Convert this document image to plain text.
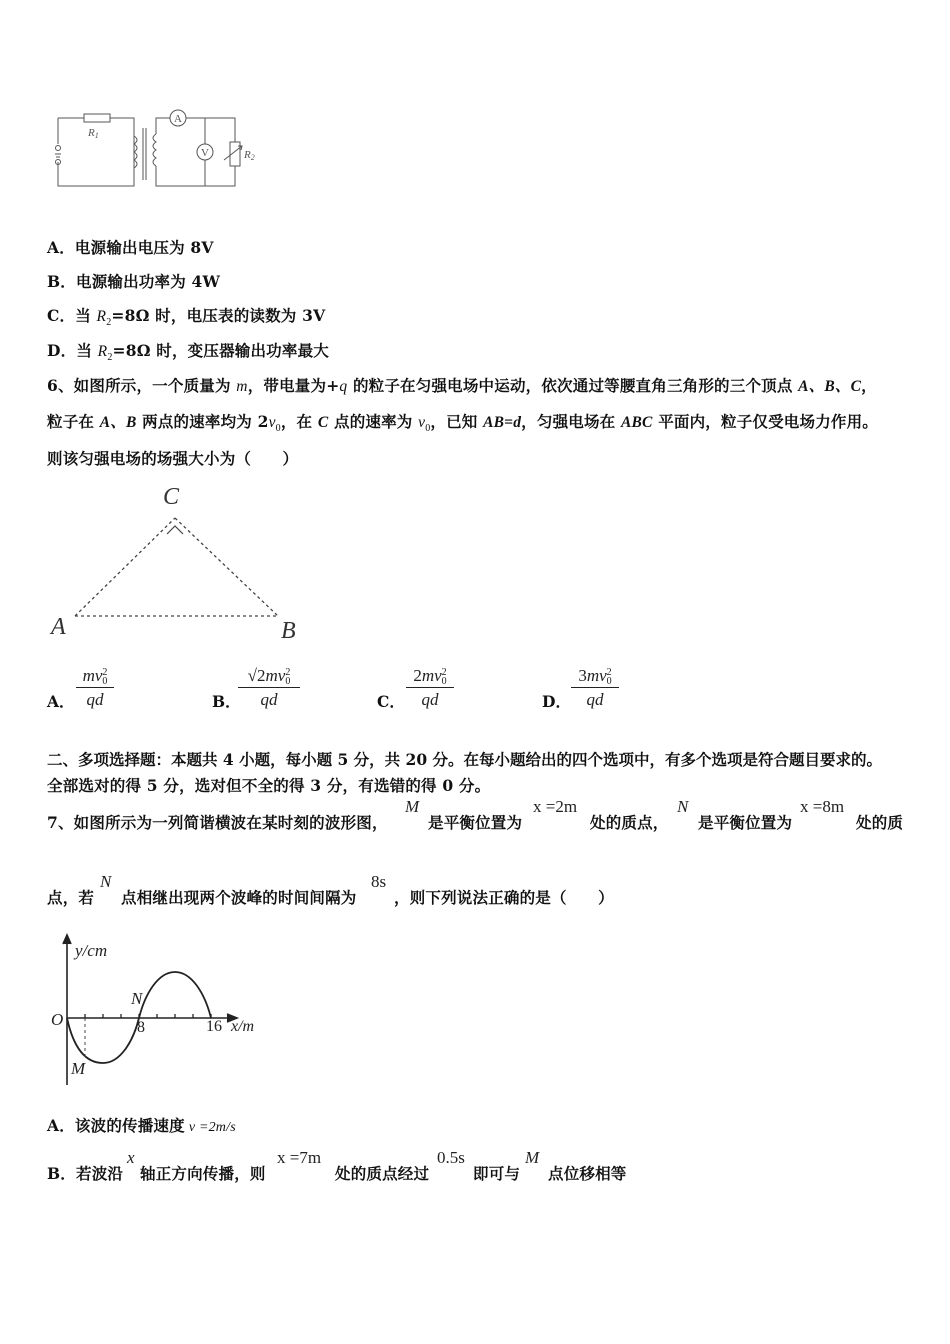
A
V
R1
R2
A．电源输出电压为 8V
B．电源输出功率为 4W
C．当 $R_2=8\Omega$ 时，电压表的读数为 3V
D．当 $R_2=8\Omega$ 时，变压器输出功率最大
6、如图所示，一个质量为 m，带电量为+q 的粒子在匀强电场中运动，依次通过等腰直角三角形的三个顶点 A、B、C，
粒子在 A、B 两点的速率均为 $2v_0$，在 C 点的速率为 $v_0$，已知 AB=d，匀强电场在 ABC 平面内，粒子仅受电场力作用。
则该匀强电场的场强大小为（　　）
C
A	B
A．
mv 2
0
qd	B．
√2mv 2
0
qd	C．
2mv 2
0
qd	D．
3mv 2
0
qd
二、多项选择题：本题共 4 小题，每小题 5 分，共 20 分。在每小题给出的四个选项中，有多个选项是符合题目要求的。
全部选对的得 5 分，选对但不全的得 3 分，有选错的得 0 分。
7、如图所示为一列简谐横波在某时刻的波形图，
M
是平衡位置为
x =2m
处的质点，
N
是平衡位置为
x =8m
处的质
点，若
N
点相继出现两个波峰的时间间隔为
8s
，则下列说法正确的是（　　）
y/cm
x/m
O	8	16
N
M
A．该波的传播速度 v =2m/s
B．若波沿
x
轴正方向传播，则
x =7m
处的质点经过
0.5s
即可与
M
点位移相等
